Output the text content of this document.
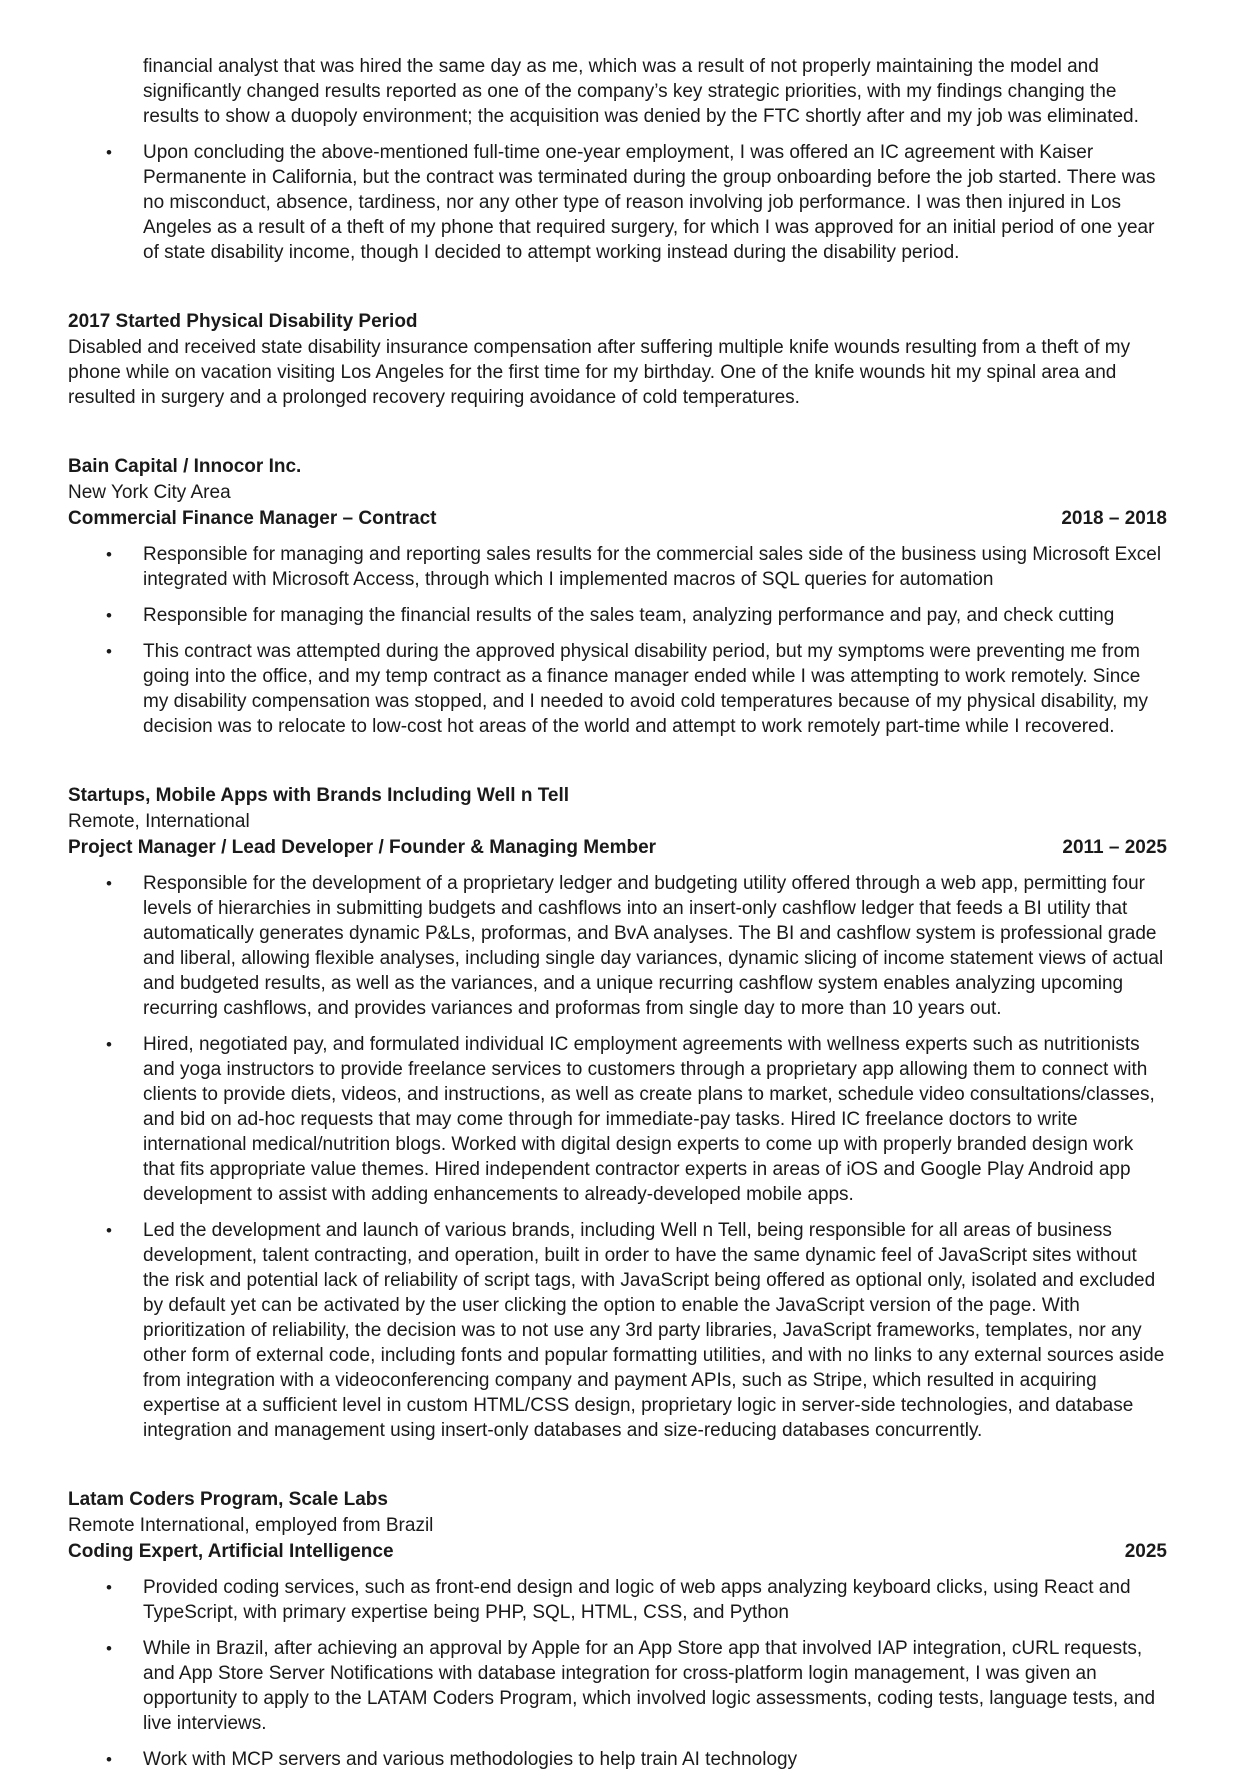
financial analyst that was hired the same day as me, which was a result of not properly maintaining the model and significantly changed results reported as one of the company’s key strategic priorities, with my findings changing the results to show a duopoly environment; the acquisition was denied by the FTC shortly after and my job was eliminated.
• Upon concluding the above-mentioned full-time one-year employment, I was offered an IC agreement with Kaiser Permanente in California, but the contract was terminated during the group onboarding before the job started. There was no misconduct, absence, tardiness, nor any other type of reason involving job performance. I was then injured in Los Angeles as a result of a theft of my phone that required surgery, for which I was approved for an initial period of one year of state disability income, though I decided to attempt working instead during the disability period.
2017 Started Physical Disability Period

Disabled and received state disability insurance compensation after suffering multiple knife wounds resulting from a theft of my phone while on vacation visiting Los Angeles for the first time for my birthday. One of the knife wounds hit my spinal area and resulted in surgery and a prolonged recovery requiring avoidance of cold temperatures.

Bain Capital / Innocor Inc.
New York City Area
Commercial Finance Manager – Contract	2018 – 2018
• Responsible for managing and reporting sales results for the commercial sales side of the business using Microsoft Excel integrated with Microsoft Access, through which I implemented macros of SQL queries for automation
• Responsible for managing the financial results of the sales team, analyzing performance and pay, and check cutting
• This contract was attempted during the approved physical disability period, but my symptoms were preventing me from going into the office, and my temp contract as a finance manager ended while I was attempting to work remotely. Since my disability compensation was stopped, and I needed to avoid cold temperatures because of my physical disability, my decision was to relocate to low-cost hot areas of the world and attempt to work remotely part-time while I recovered.
Startups, Mobile Apps with Brands Including Well n Tell
Remote, International
Project Manager / Lead Developer / Founder & Managing Member	2011 – 2025
• Responsible for the development of a proprietary ledger and budgeting utility offered through a web app, permitting four levels of hierarchies in submitting budgets and cashflows into an insert-only cashflow ledger that feeds a BI utility that automatically generates dynamic P&Ls, proformas, and BvA analyses. The BI and cashflow system is professional grade and liberal, allowing flexible analyses, including single day variances, dynamic slicing of income statement views of actual and budgeted results, as well as the variances, and a unique recurring cashflow system enables analyzing upcoming recurring cashflows, and provides variances and proformas from single day to more than 10 years out.
• Hired, negotiated pay, and formulated individual IC employment agreements with wellness experts such as nutritionists and yoga instructors to provide freelance services to customers through a proprietary app allowing them to connect with clients to provide diets, videos, and instructions, as well as create plans to market, schedule video consultations/classes, and bid on ad-hoc requests that may come through for immediate-pay tasks. Hired IC freelance doctors to write international medical/nutrition blogs. Worked with digital design experts to come up with properly branded design work that fits appropriate value themes. Hired independent contractor experts in areas of iOS and Google Play Android app development to assist with adding enhancements to already-developed mobile apps.
• Led the development and launch of various brands, including Well n Tell, being responsible for all areas of business development, talent contracting, and operation, built in order to have the same dynamic feel of JavaScript sites without the risk and potential lack of reliability of script tags, with JavaScript being offered as optional only, isolated and excluded by default yet can be activated by the user clicking the option to enable the JavaScript version of the page. With prioritization of reliability, the decision was to not use any 3rd party libraries, JavaScript frameworks, templates, nor any other form of external code, including fonts and popular formatting utilities, and with no links to any external sources aside from integration with a videoconferencing company and payment APIs, such as Stripe, which resulted in acquiring expertise at a sufficient level in custom HTML/CSS design, proprietary logic in server-side technologies, and database integration and management using insert-only databases and size-reducing databases concurrently.
Latam Coders Program, Scale Labs
Remote International, employed from Brazil
Coding Expert, Artificial Intelligence	2025
• Provided coding services, such as front-end design and logic of web apps analyzing keyboard clicks, using React and TypeScript, with primary expertise being PHP, SQL, HTML, CSS, and Python
• While in Brazil, after achieving an approval by Apple for an App Store app that involved IAP integration, cURL requests, and App Store Server Notifications with database integration for cross-platform login management, I was given an opportunity to apply to the LATAM Coders Program, which involved logic assessments, coding tests, language tests, and live interviews.
• Work with MCP servers and various methodologies to help train AI technology
